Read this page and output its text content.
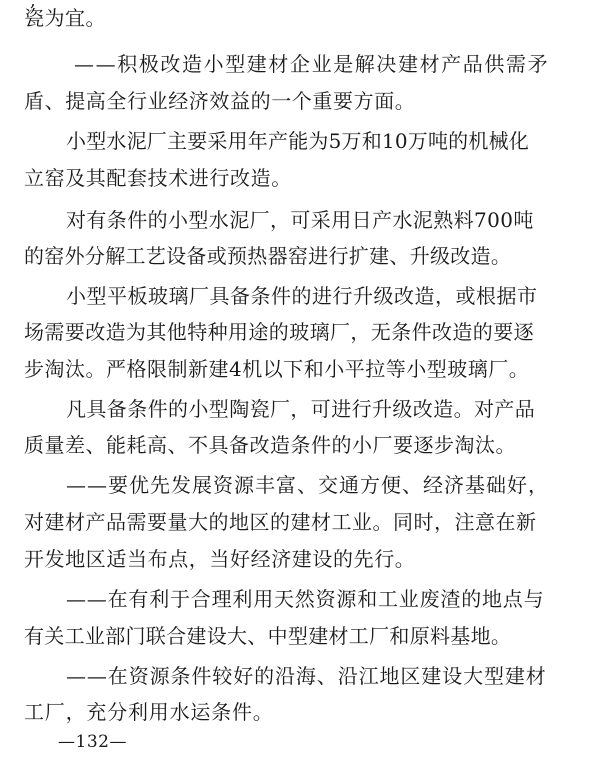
,
瓷为宜。
——积极改造小型建材企业是解决建材产品供需矛
盾、提高全行业经济效益的一个重要方面。
小型水泥厂主要采用年产能为5万和10万吨的机械化
立窑及其配套技术进行改造。
对有条件的小型水泥厂，可采用日产水泥熟料700吨
的窑外分解工艺设备或预热器窑进行扩建、升级改造。
小型平板玻璃厂具备条件的进行升级改造，或根据市
场需要改造为其他特种用途的玻璃厂，无条件改造的要逐
步淘汰。严格限制新建4机以下和小平拉等小型玻璃厂。
凡具备条件的小型陶瓷厂，可进行升级改造。对产品
质量差、能耗高、不具备改造条件的小厂要逐步淘汰。
——要优先发展资源丰富、交通方便、经济基础好，
对建材产品需要量大的地区的建材工业。同时，注意在新
开发地区适当布点，当好经济建设的先行。
——在有利于合理利用天然资源和工业废渣的地点与
有关工业部门联合建设大、中型建材工厂和原料基地。
——在资源条件较好的沿海、沿江地区建设大型建材
工厂，充分利用水运条件。
—132—
